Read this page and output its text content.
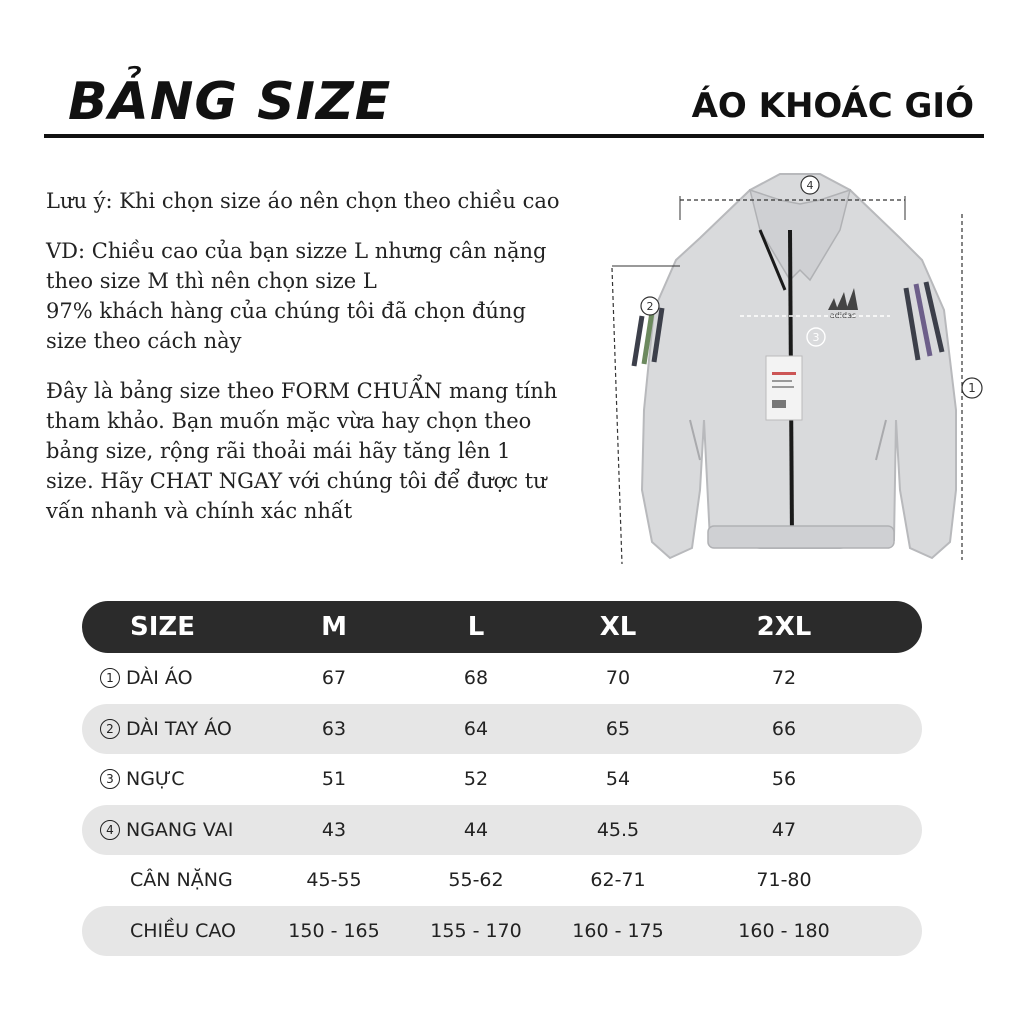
BẢNG SIZE	ÁO KHOÁC GIÓ

Lưu ý: Khi chọn size áo nên chọn theo chiều cao

VD: Chiều cao của bạn sizze L nhưng cân nặng
theo size M thì nên chọn size L
97% khách hàng của chúng tôi đã chọn đúng
size theo cách này

Đây là bảng size theo FORM CHUẨN mang tính
tham khảo. Bạn muốn mặc vừa hay chọn theo
bảng size, rộng rãi thoải mái hãy tăng lên 1
size. Hãy CHAT NGAY với chúng tôi để được tư
vấn nhanh và chính xác nhất

adidas
4
1
2
3
SIZE	M	L	XL	2XL
1 DÀI ÁO	67	68	70	72
2 DÀI TAY ÁO	63	64	65	66
3 NGỰC	51	52	54	56
4 NGANG VAI	43	44	45.5	47
CÂN NẶNG	45-55	55-62	62-71	71-80
CHIỀU CAO	150 - 165	155 - 170	160 - 175	160 - 180
